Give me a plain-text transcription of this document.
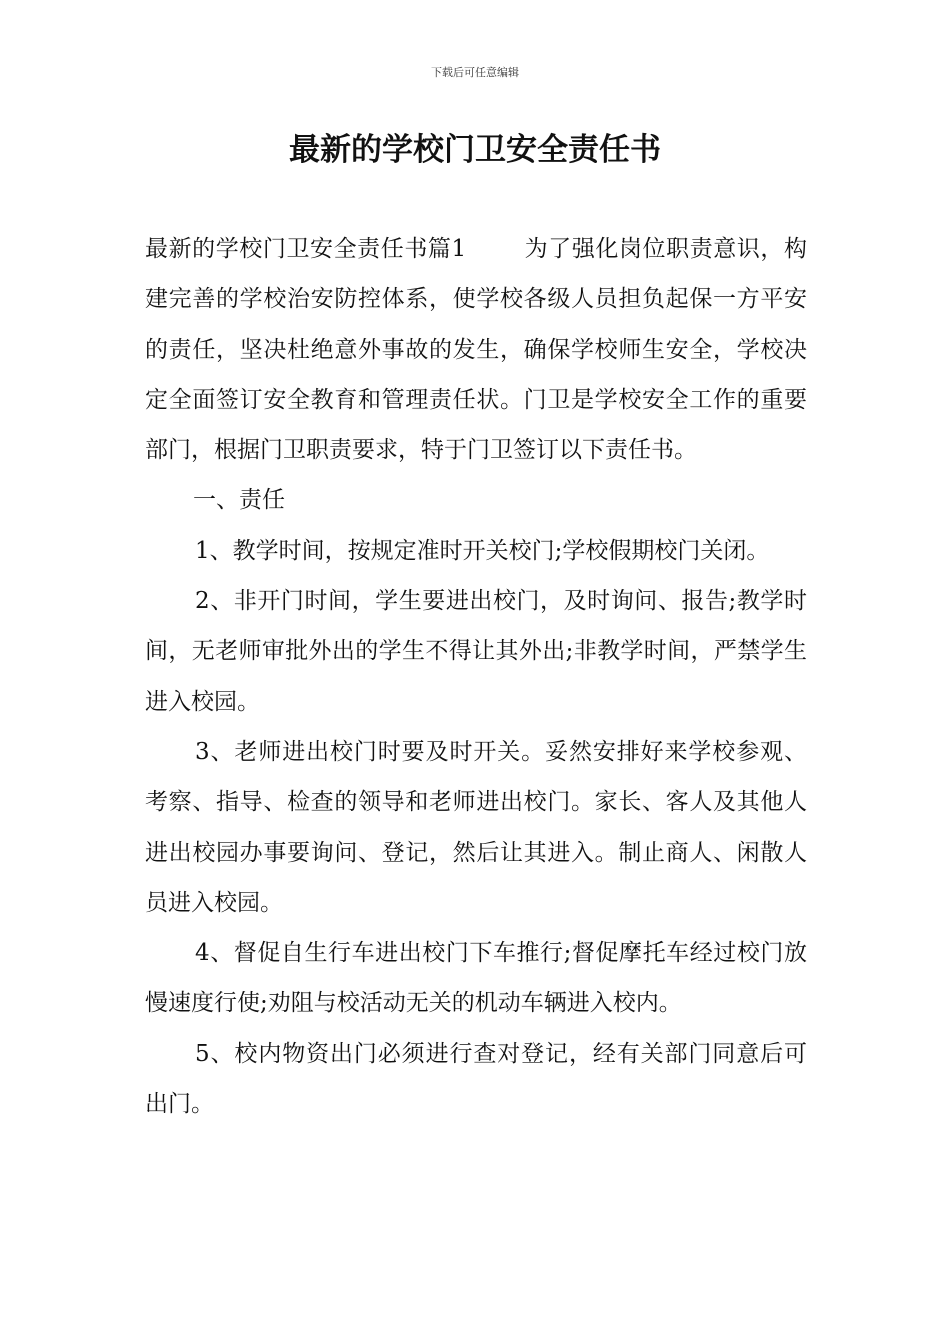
下载后可任意编辑
最新的学校门卫安全责任书

最新的学校门卫安全责任书篇1	为了强化岗位职责意识，构建完善的学校治安防控体系，使学校各级人员担负起保一方平安的责任，坚决杜绝意外事故的发生，确保学校师生安全，学校决定全面签订安全教育和管理责任状。门卫是学校安全工作的重要部门，根据门卫职责要求，特于门卫签订以下责任书。

一、责任

1、教学时间，按规定准时开关校门;学校假期校门关闭。

2、非开门时间，学生要进出校门，及时询问、报告;教学时间，无老师审批外出的学生不得让其外出;非教学时间，严禁学生进入校园。

3、老师进出校门时要及时开关。妥然安排好来学校参观、考察、指导、检查的领导和老师进出校门。家长、客人及其他人进出校园办事要询问、登记，然后让其进入。制止商人、闲散人员进入校园。

4、督促自生行车进出校门下车推行;督促摩托车经过校门放慢速度行使;劝阻与校活动无关的机动车辆进入校内。

5、校内物资出门必须进行查对登记，经有关部门同意后可出门。
